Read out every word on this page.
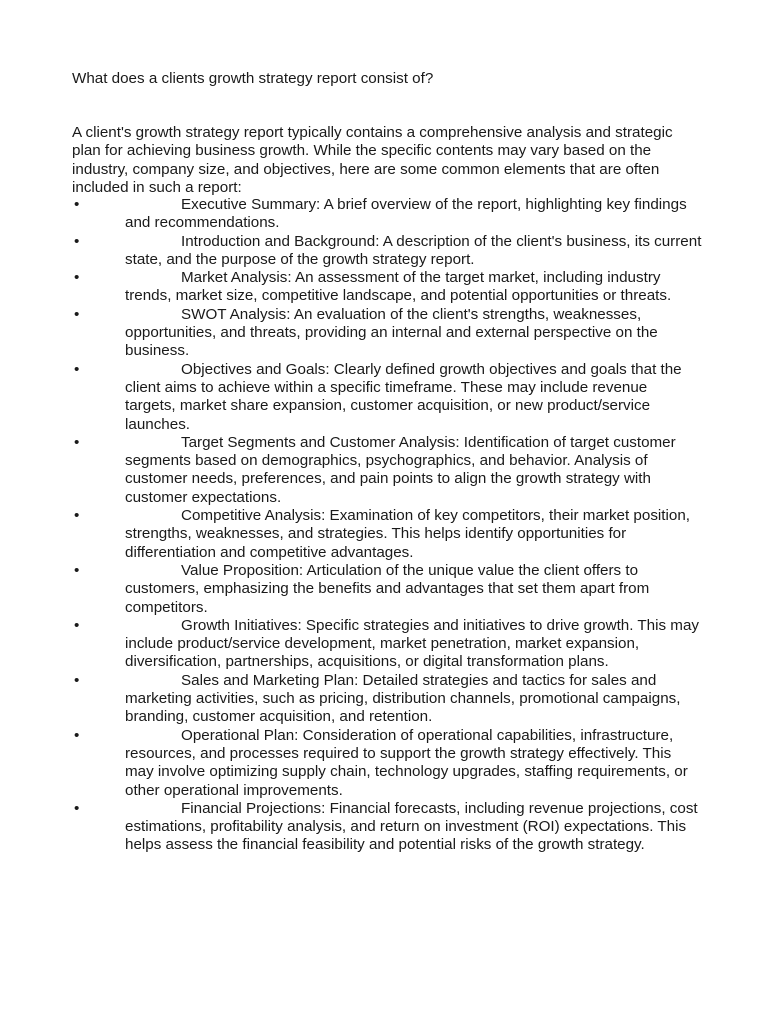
What does a clients growth strategy report consist of?
A client's growth strategy report typically contains a comprehensive analysis and strategic plan for achieving business growth. While the specific contents may vary based on the industry, company size, and objectives, here are some common elements that are often included in such a report:
•	Executive Summary: A brief overview of the report, highlighting key findings and recommendations.
•	Introduction and Background: A description of the client's business, its current state, and the purpose of the growth strategy report.
•	Market Analysis: An assessment of the target market, including industry trends, market size, competitive landscape, and potential opportunities or threats.
•	SWOT Analysis: An evaluation of the client's strengths, weaknesses, opportunities, and threats, providing an internal and external perspective on the business.
•	Objectives and Goals: Clearly defined growth objectives and goals that the client aims to achieve within a specific timeframe. These may include revenue targets, market share expansion, customer acquisition, or new product/service launches.
•	Target Segments and Customer Analysis: Identification of target customer segments based on demographics, psychographics, and behavior. Analysis of customer needs, preferences, and pain points to align the growth strategy with customer expectations.
•	Competitive Analysis: Examination of key competitors, their market position, strengths, weaknesses, and strategies. This helps identify opportunities for differentiation and competitive advantages.
•	Value Proposition: Articulation of the unique value the client offers to customers, emphasizing the benefits and advantages that set them apart from competitors.
•	Growth Initiatives: Specific strategies and initiatives to drive growth. This may include product/service development, market penetration, market expansion, diversification, partnerships, acquisitions, or digital transformation plans.
•	Sales and Marketing Plan: Detailed strategies and tactics for sales and marketing activities, such as pricing, distribution channels, promotional campaigns, branding, customer acquisition, and retention.
•	Operational Plan: Consideration of operational capabilities, infrastructure, resources, and processes required to support the growth strategy effectively. This may involve optimizing supply chain, technology upgrades, staffing requirements, or other operational improvements.
•	Financial Projections: Financial forecasts, including revenue projections, cost estimations, profitability analysis, and return on investment (ROI) expectations. This helps assess the financial feasibility and potential risks of the growth strategy.
